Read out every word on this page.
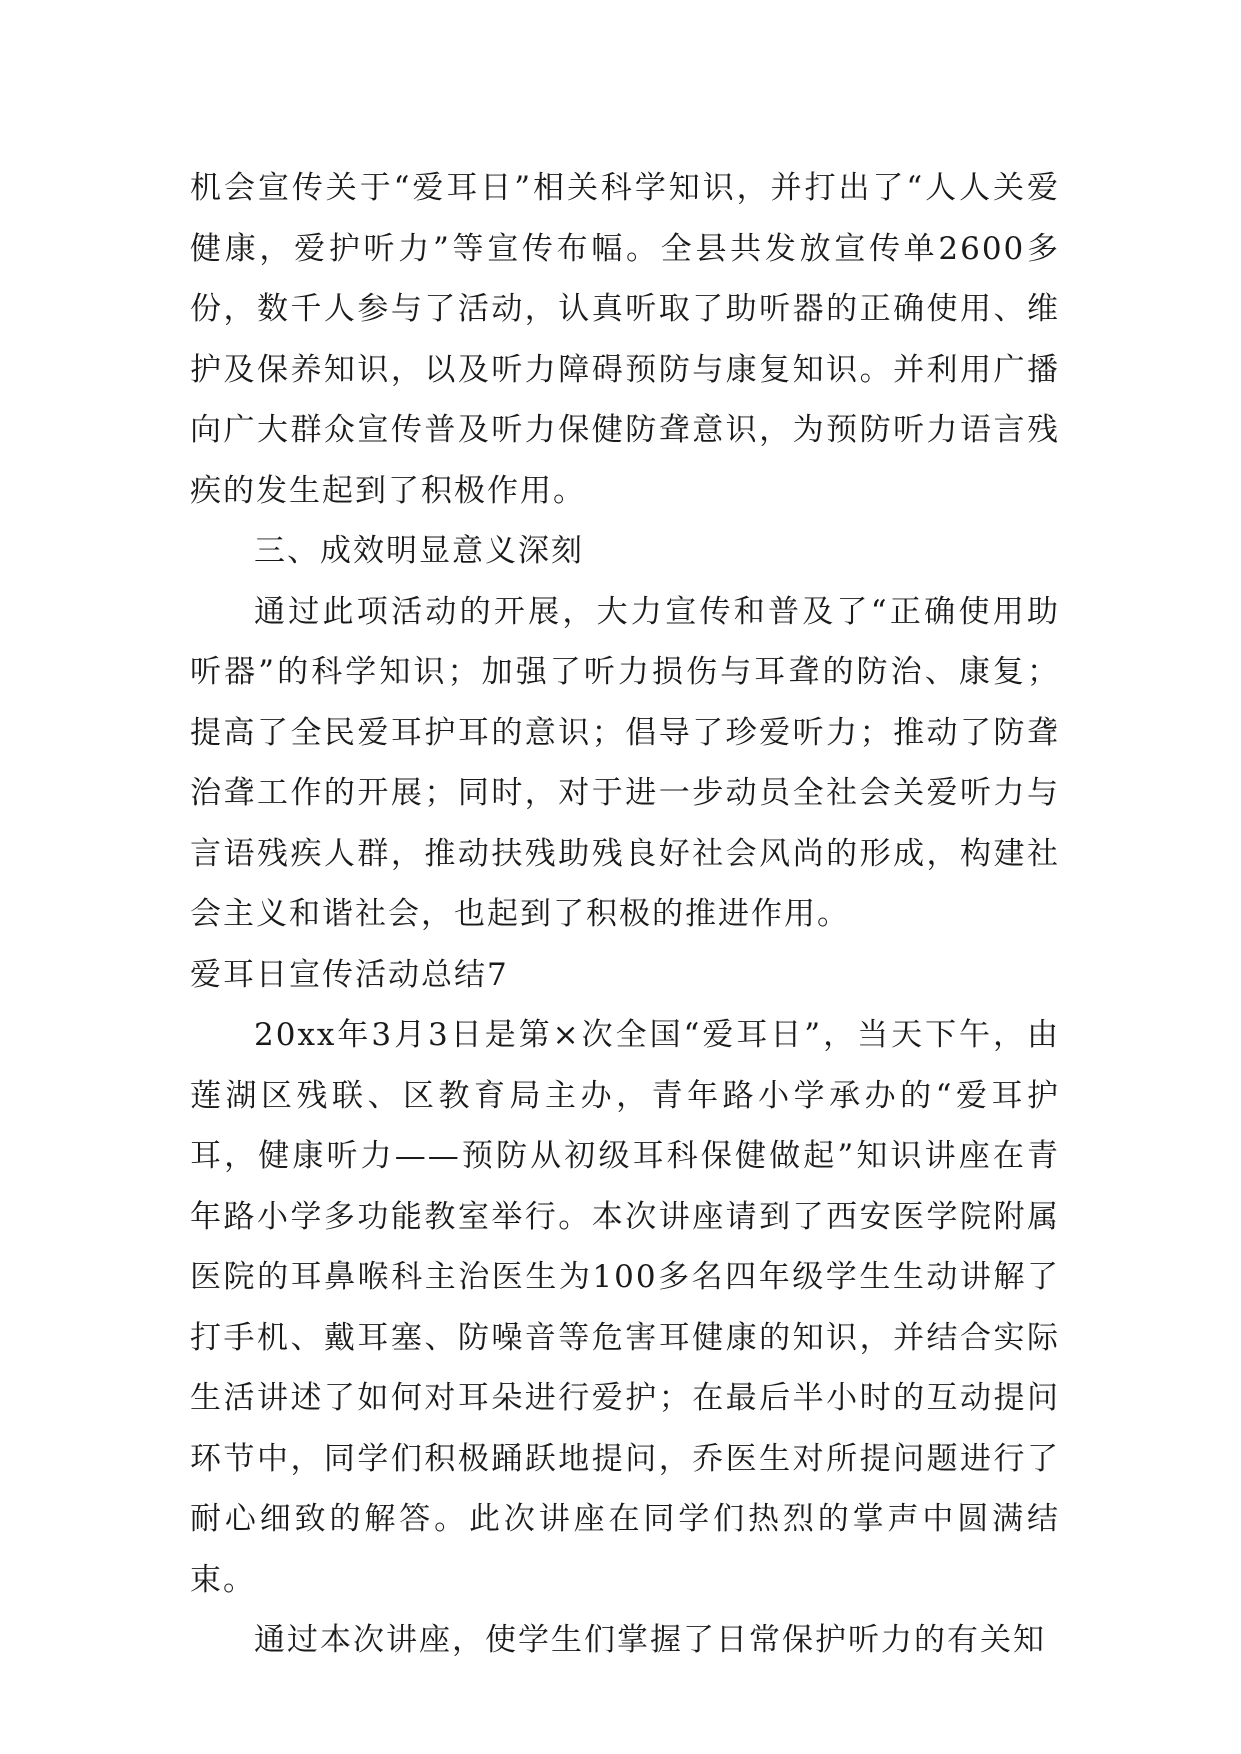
机会宣传关于“爱耳日”相关科学知识，并打出了“人人关爱健康，爱护听力”等宣传布幅。全县共发放宣传单2600多份，数千人参与了活动，认真听取了助听器的正确使用、维护及保养知识，以及听力障碍预防与康复知识。并利用广播向广大群众宣传普及听力保健防聋意识，为预防听力语言残疾的发生起到了积极作用。

三、成效明显意义深刻

通过此项活动的开展，大力宣传和普及了“正确使用助听器”的科学知识；加强了听力损伤与耳聋的防治、康复；提高了全民爱耳护耳的意识；倡导了珍爱听力；推动了防聋治聋工作的开展；同时，对于进一步动员全社会关爱听力与言语残疾人群，推动扶残助残良好社会风尚的形成，构建社会主义和谐社会，也起到了积极的推进作用。

爱耳日宣传活动总结7

20xx年3月3日是第×次全国“爱耳日”，当天下午，由莲湖区残联、区教育局主办，青年路小学承办的“爱耳护耳，健康听力——预防从初级耳科保健做起”知识讲座在青年路小学多功能教室举行。本次讲座请到了西安医学院附属医院的耳鼻喉科主治医生为100多名四年级学生生动讲解了打手机、戴耳塞、防噪音等危害耳健康的知识，并结合实际生活讲述了如何对耳朵进行爱护；在最后半小时的互动提问环节中，同学们积极踊跃地提问，乔医生对所提问题进行了耐心细致的解答。此次讲座在同学们热烈的掌声中圆满结束。

通过本次讲座，使学生们掌握了日常保护听力的有关知
